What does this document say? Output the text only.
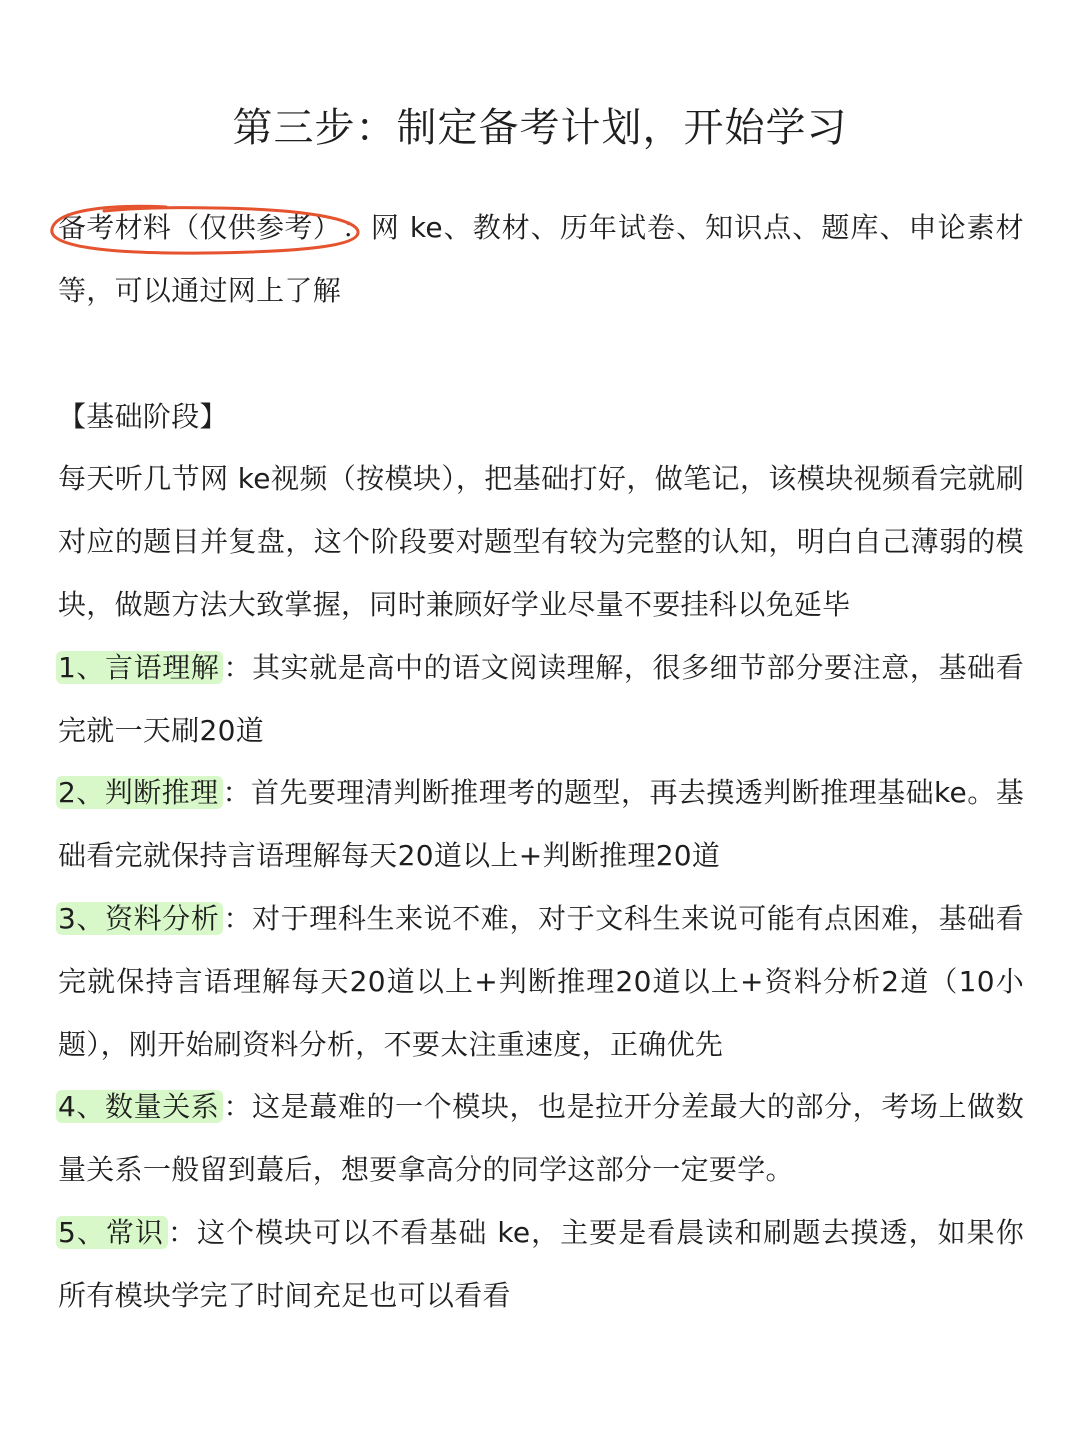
第三步：制定备考计划，开始学习

备考材料（仅供参考）：网 ke、教材、历年试卷、知识点、题库、申论素材等，可以通过网上了解

【基础阶段】

每天听几节网 ke视频（按模块），把基础打好，做笔记，该模块视频看完就刷对应的题目并复盘，这个阶段要对题型有较为完整的认知，明白自己薄弱的模块，做题方法大致掌握，同时兼顾好学业尽量不要挂科以免延毕

1、言语理解 ：其实就是高中的语文阅读理解，很多细节部分要注意，基础看完就一天刷20道

2、判断推理 ：首先要理清判断推理考的题型，再去摸透判断推理基础ke。基础看完就保持言语理解每天20道以上+判断推理20道

3、资料分析 ：对于理科生来说不难，对于文科生来说可能有点困难，基础看完就保持言语理解每天20道以上+判断推理20道以上+资料分析2道（10小题），刚开始刷资料分析，不要太注重速度，正确优先

4、数量关系 ：这是蕞难的一个模块，也是拉开分差最大的部分，考场上做数量关系一般留到蕞后，想要拿高分的同学这部分一定要学。

5、常识 ：这个模块可以不看基础 ke，主要是看晨读和刷题去摸透，如果你所有模块学完了时间充足也可以看看
